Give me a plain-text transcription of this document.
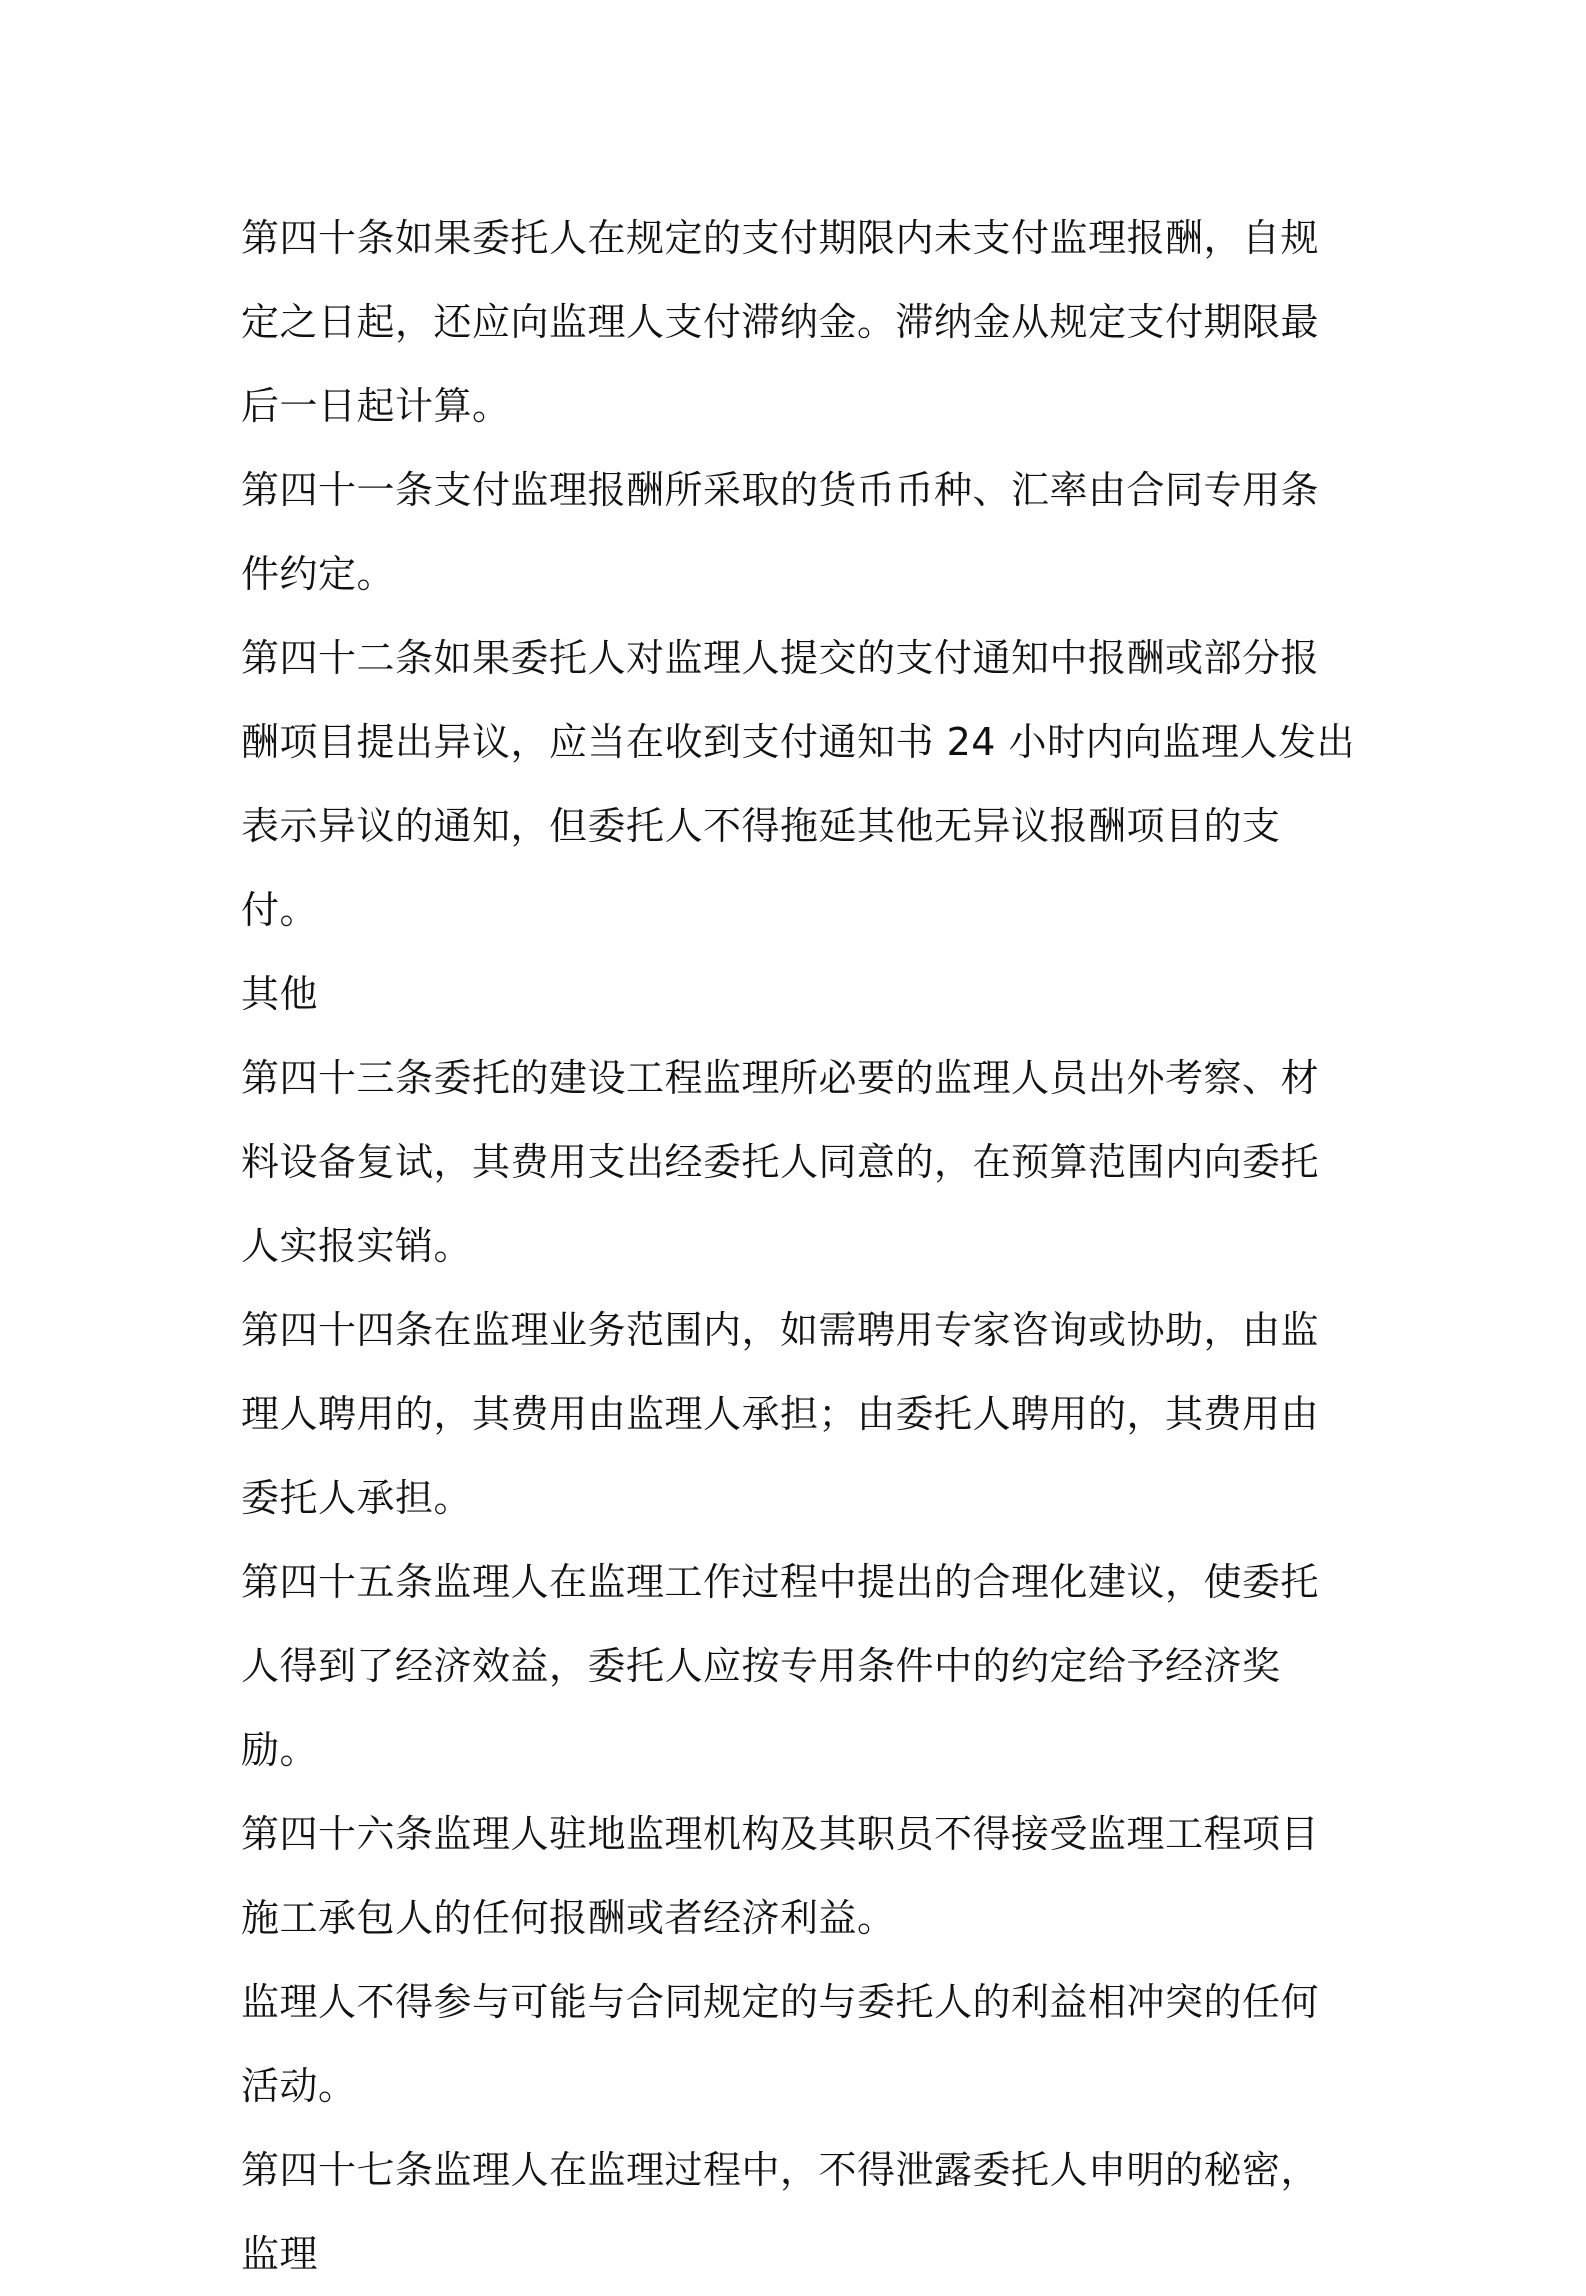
第四十条如果委托人在规定的支付期限内未支付监理报酬，自规定之日起，还应向监理人支付滞纳金。滞纳金从规定支付期限最后一日起计算。

第四十一条支付监理报酬所采取的货币币种、汇率由合同专用条件约定。

第四十二条如果委托人对监理人提交的支付通知中报酬或部分报酬项目提出异议，应当在收到支付通知书 24 小时内向监理人发出表示异议的通知，但委托人不得拖延其他无异议报酬项目的支付。

其他

第四十三条委托的建设工程监理所必要的监理人员出外考察、材料设备复试，其费用支出经委托人同意的，在预算范围内向委托人实报实销。

第四十四条在监理业务范围内，如需聘用专家咨询或协助，由监理人聘用的，其费用由监理人承担；由委托人聘用的，其费用由委托人承担。

第四十五条监理人在监理工作过程中提出的合理化建议，使委托人得到了经济效益，委托人应按专用条件中的约定给予经济奖励。

第四十六条监理人驻地监理机构及其职员不得接受监理工程项目施工承包人的任何报酬或者经济利益。

监理人不得参与可能与合同规定的与委托人的利益相冲突的任何活动。

第四十七条监理人在监理过程中，不得泄露委托人申明的秘密，监理
